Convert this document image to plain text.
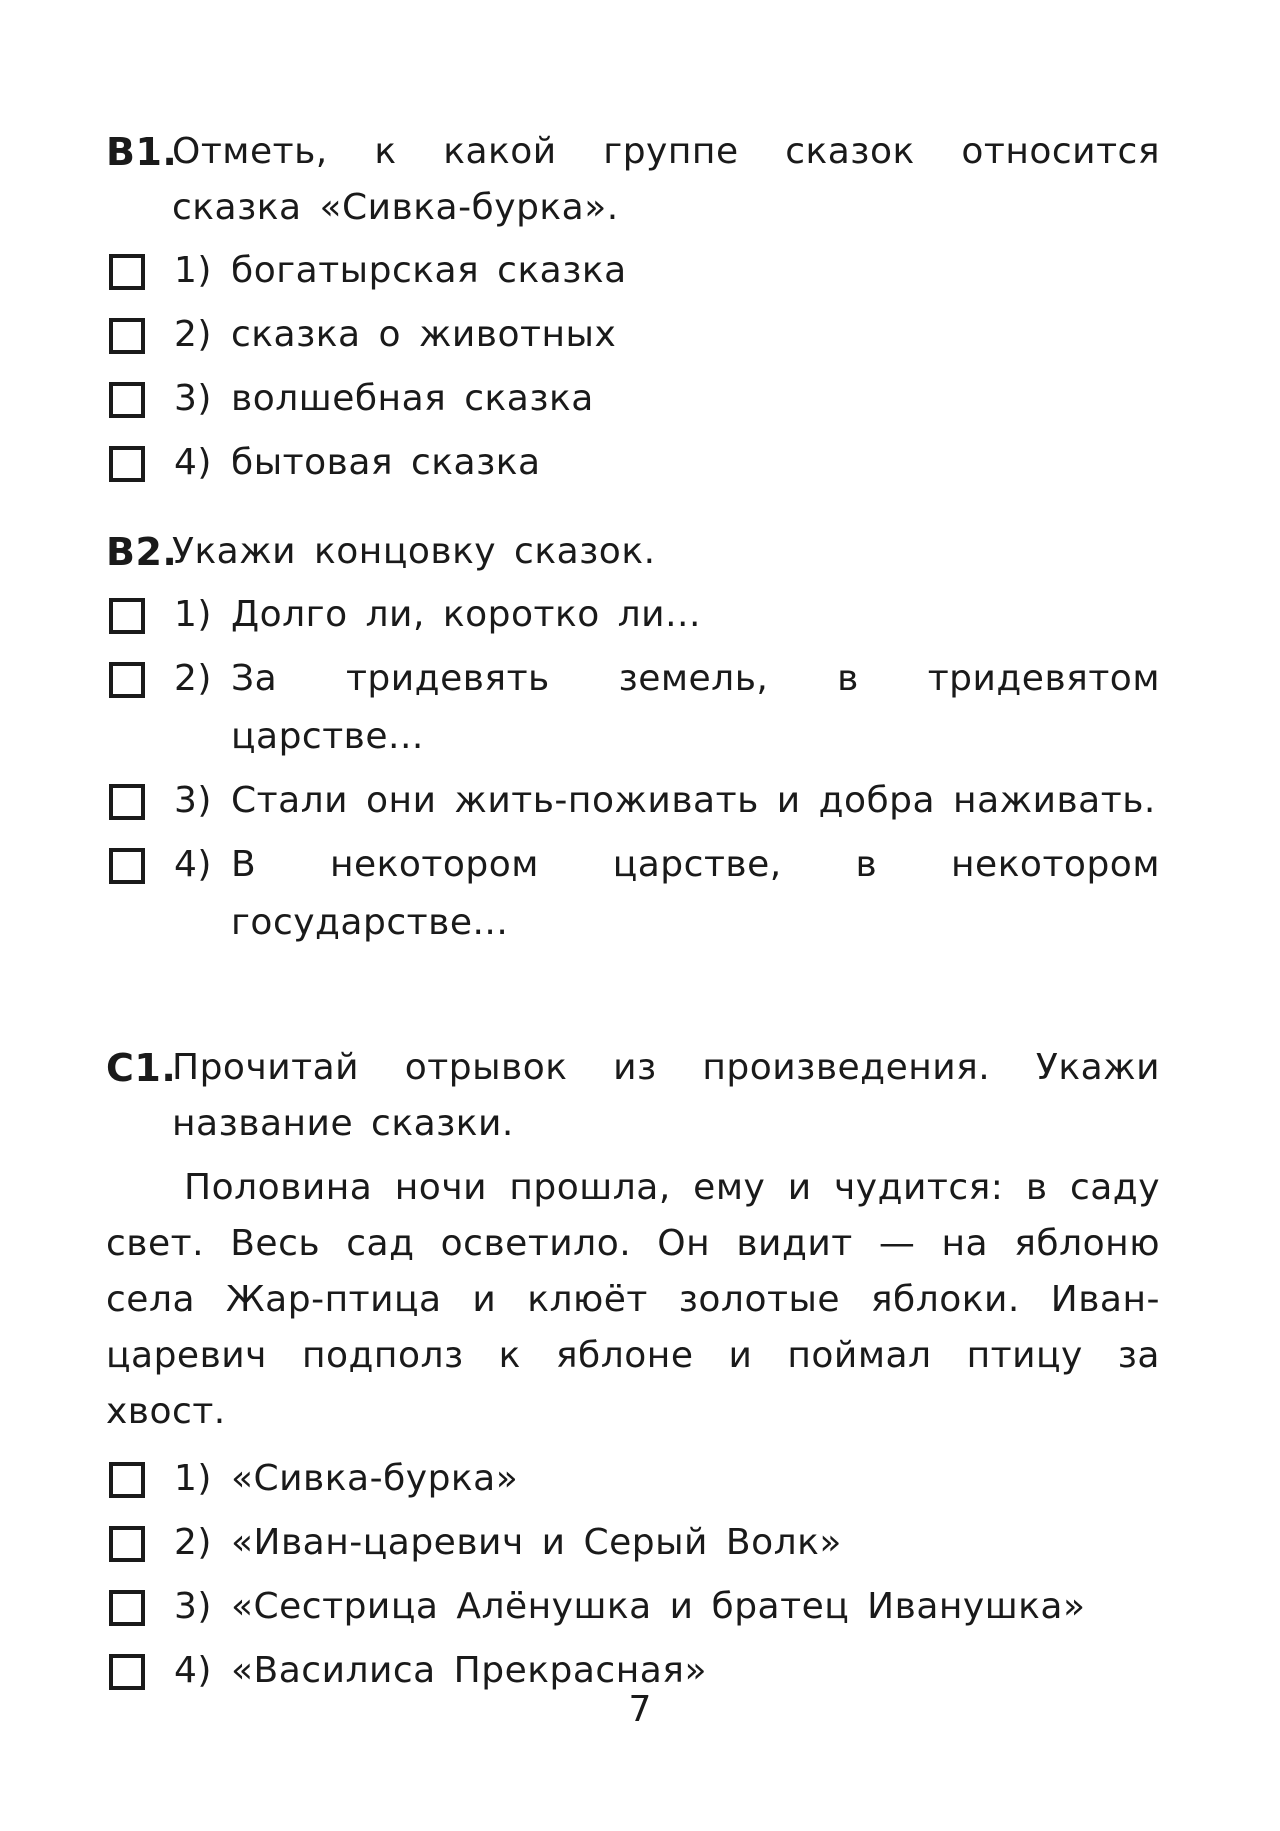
В1.
Отметь, к какой группе сказок относится сказка «Сивка-бурка».
1) богатырская сказка
2) сказка о животных
3) волшебная сказка
4) бытовая сказка
В2.
Укажи концовку сказок.
1) Долго ли, коротко ли...
2) За тридевять земель, в тридевятом царстве...
3) Стали они жить-поживать и добра наживать.
4) В некотором царстве, в некотором государстве...
С1.
Прочитай отрывок из произведения. Укажи название сказки.

Половина ночи прошла, ему и чудится: в саду свет. Весь сад осветило. Он видит — на яблоню села Жар-птица и клюёт золотые яблоки. Иван-царевич подполз к яблоне и поймал птицу за хвост.

1) «Сивка-бурка»
2) «Иван-царевич и Серый Волк»
3) «Сестрица Алёнушка и братец Иванушка»
4) «Василиса Прекрасная»
7
